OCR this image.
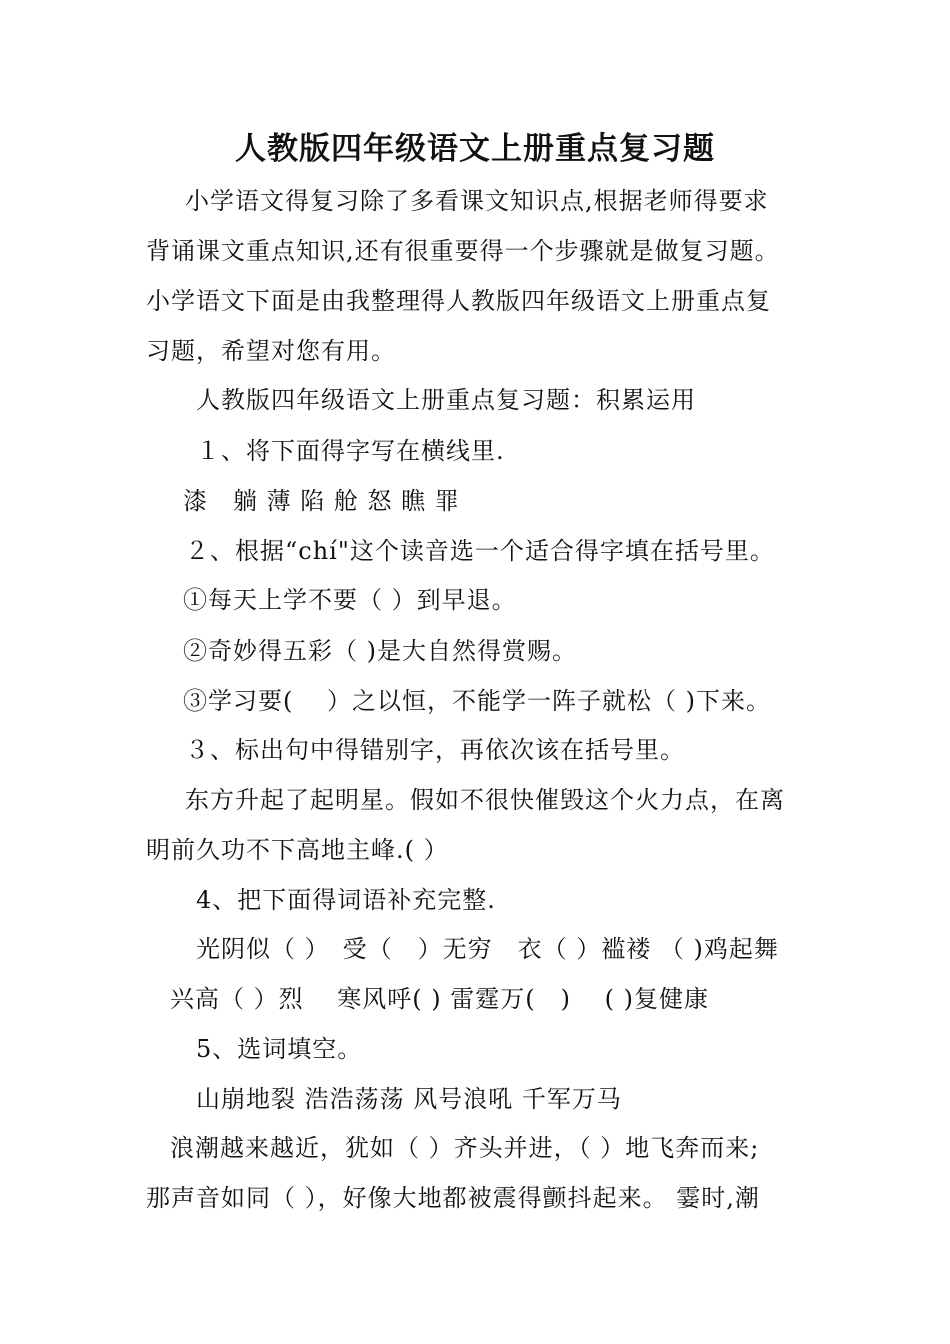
人教版四年级语文上册重点复习题
小学语文得复习除了多看课文知识点,根据老师得要求
背诵课文重点知识,还有很重要得一个步骤就是做复习题。
小学语文下面是由我整理得人教版四年级语文上册重点复
习题，希望对您有用。
人教版四年级语文上册重点复习题：积累运用
１、将下面得字写在横线里.
漆　躺 薄 陷 舱 怒 瞧 罪
２、根据“chí"这个读音选一个适合得字填在括号里。
①每天上学不要（ ）到早退。
②奇妙得五彩（ )是大自然得赏赐。
③学习要(　 ）之以恒，不能学一阵子就松（ )下来。
３、标出句中得错别字，再依次该在括号里。
东方升起了起明星。假如不很快催毁这个火力点，在离
明前久功不下高地主峰.( ）
4、把下面得词语补充完整.
光阴似（ ）　受（　）无穷　衣（ ）褴褛 （ )鸡起舞
兴高（ ）烈　 寒风呼( ) 雷霆万(　)　 ( )复健康
5、选词填空。
山崩地裂 浩浩荡荡 风号浪吼 千军万马
浪潮越来越近，犹如（ ）齐头并进，（ ）地飞奔而来;
那声音如同（ ），好像大地都被震得颤抖起来。 霎时,潮
